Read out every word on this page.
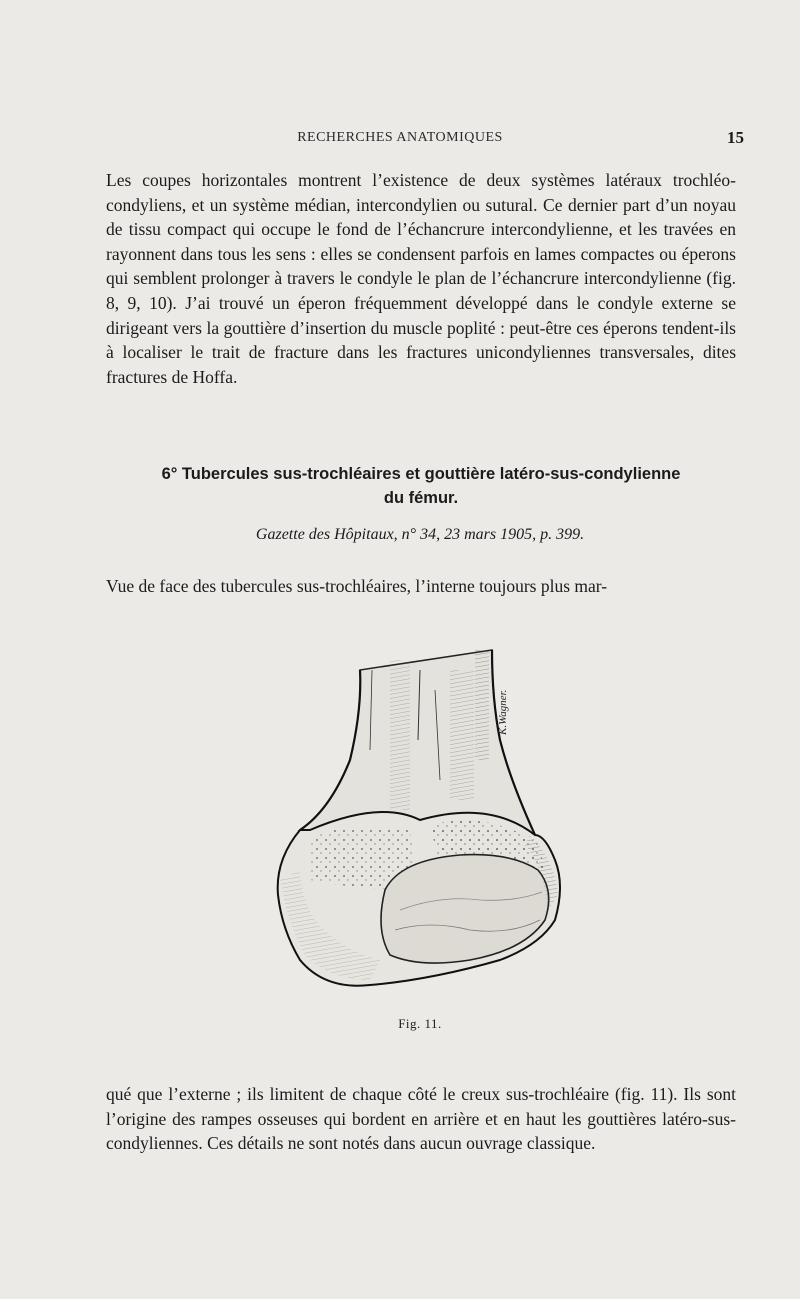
RECHERCHES ANATOMIQUES	15

Les coupes horizontales montrent l’existence de deux systèmes latéraux trochléo-condyliens, et un système médian, intercondylien ou sutural. Ce dernier part d’un noyau de tissu compact qui occupe le fond de l’échancrure intercondylienne, et les travées en rayonnent dans tous les sens : elles se condensent parfois en lames compactes ou éperons qui semblent prolonger à travers le condyle le plan de l’échancrure intercondylienne (fig. 8, 9, 10). J’ai trouvé un éperon fréquemment développé dans le condyle externe se dirigeant vers la gouttière d’insertion du muscle poplité : peut-être ces éperons tendent-ils à localiser le trait de fracture dans les fractures unicondyliennes transversales, dites fractures de Hoffa.

6° Tubercules sus-trochléaires et gouttière latéro-sus-condylienne
du fémur.
Gazette des Hôpitaux, n° 34, 23 mars 1905, p. 399.

Vue de face des tubercules sus-trochléaires, l’interne toujours plus mar-

K.Wagner.
Fig. 11.

qué que l’externe ; ils limitent de chaque côté le creux sus-trochléaire (fig. 11). Ils sont l’origine des rampes osseuses qui bordent en arrière et en haut les gouttières latéro-sus-condyliennes. Ces détails ne sont notés dans aucun ouvrage classique.
